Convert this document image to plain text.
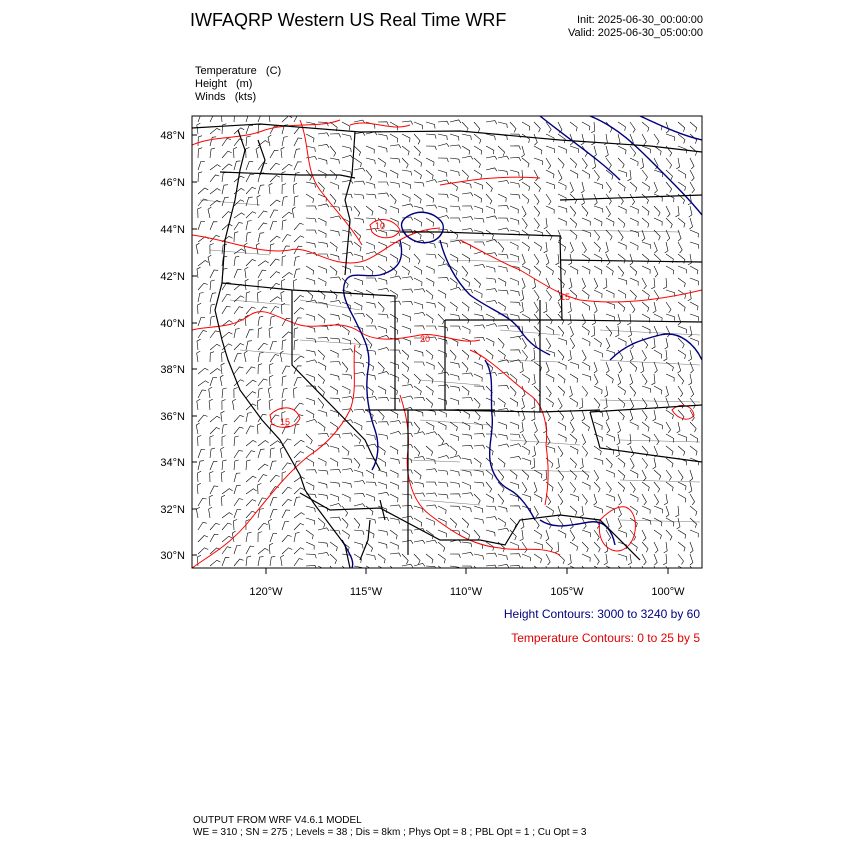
IWFAQRP Western US Real Time WRF	Init: 2025-06-30_00:00:00
Valid: 2025-06-30_05:00:00
Temperature   (C)
Height   (m)
Winds   (kts)
48°N
46°N
44°N
42°N
40°N
38°N
36°N
34°N
32°N
30°N
120°W	115°W	110°W	105°W	100°W
10
15
15
20
Height Contours: 3000 to 3240 by 60
Temperature Contours: 0 to 25 by 5
OUTPUT FROM WRF V4.6.1 MODEL
WE = 310 ; SN = 275 ; Levels = 38 ; Dis = 8km ; Phys Opt = 8 ; PBL Opt = 1 ; Cu Opt = 3
